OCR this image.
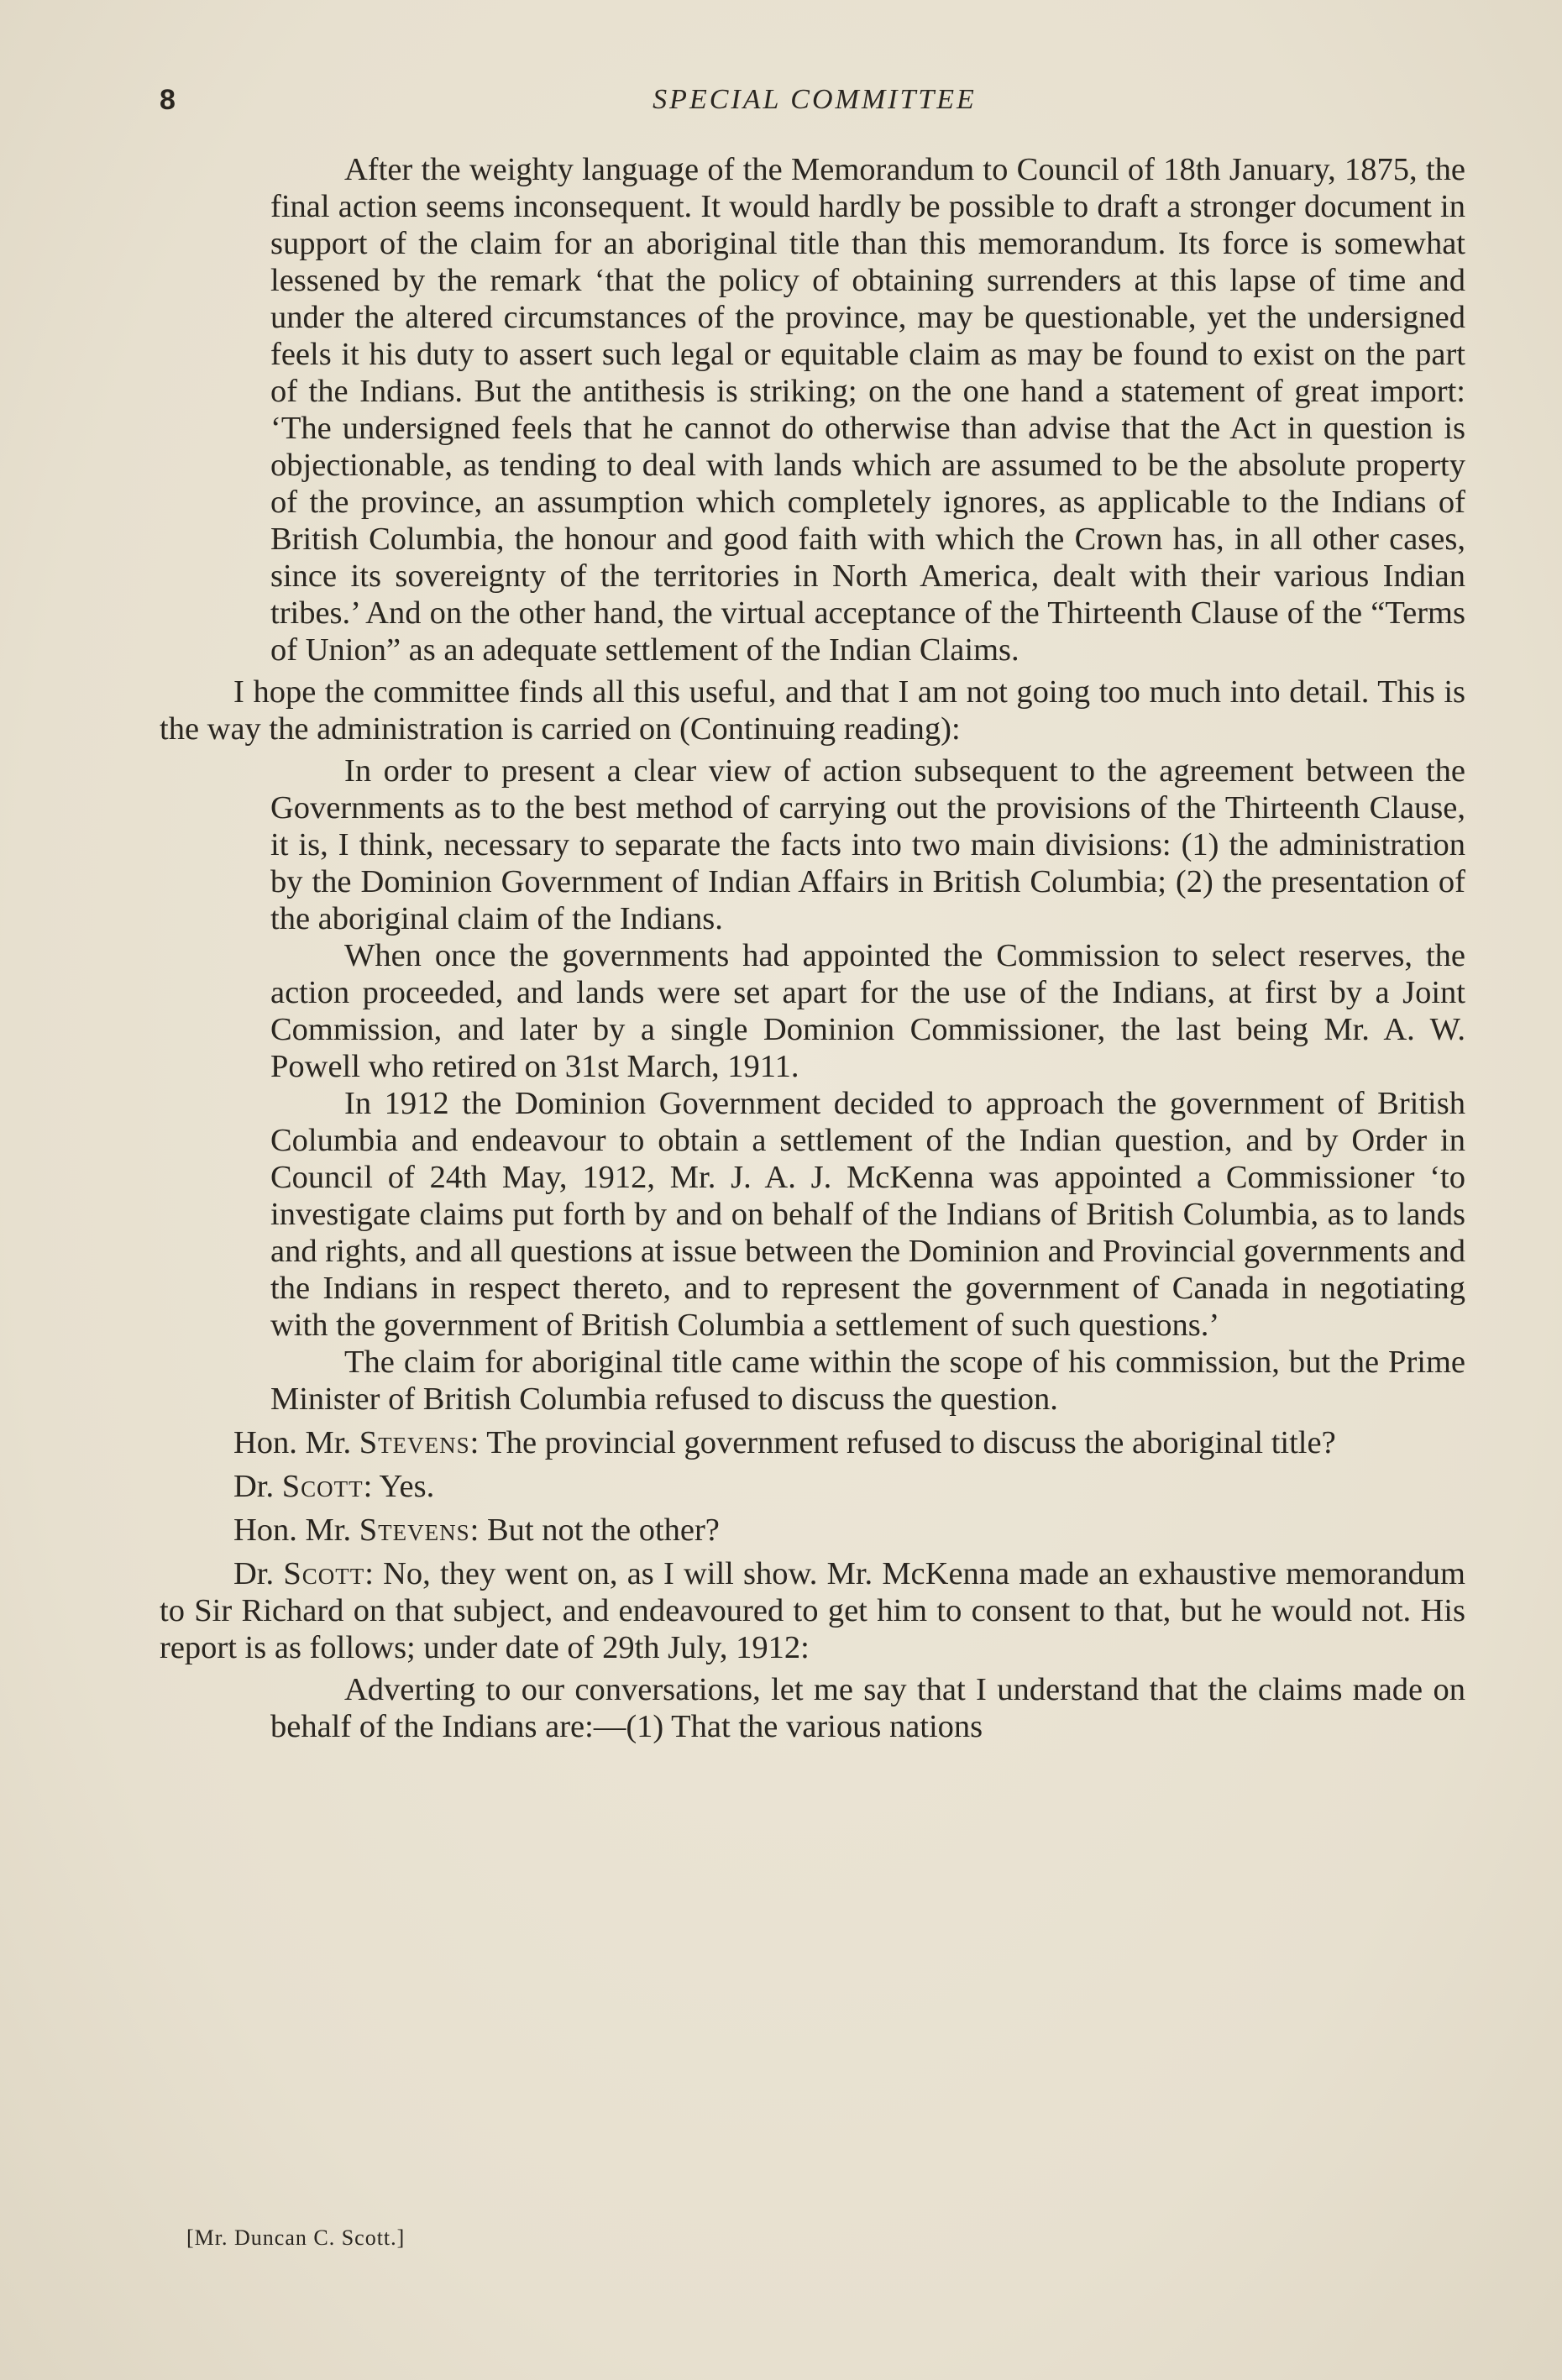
8	SPECIAL COMMITTEE

After the weighty language of the Memorandum to Council of 18th January, 1875, the final action seems inconsequent. It would hardly be possible to draft a stronger document in support of the claim for an aboriginal title than this memorandum. Its force is somewhat lessened by the remark ‘that the policy of obtaining surrenders at this lapse of time and under the altered circumstances of the province, may be questionable, yet the undersigned feels it his duty to assert such legal or equitable claim as may be found to exist on the part of the Indians. But the antithesis is striking; on the one hand a statement of great import: ‘The undersigned feels that he cannot do otherwise than advise that the Act in question is objectionable, as tending to deal with lands which are assumed to be the absolute property of the province, an assumption which completely ignores, as applicable to the Indians of British Columbia, the honour and good faith with which the Crown has, in all other cases, since its sovereignty of the territories in North America, dealt with their various Indian tribes.’ And on the other hand, the virtual acceptance of the Thirteenth Clause of the “Terms of Union” as an adequate settlement of the Indian Claims.

I hope the committee finds all this useful, and that I am not going too much into detail. This is the way the administration is carried on (Continuing reading):

In order to present a clear view of action subsequent to the agreement between the Governments as to the best method of carrying out the provisions of the Thirteenth Clause, it is, I think, necessary to separate the facts into two main divisions: (1) the administration by the Dominion Government of Indian Affairs in British Columbia; (2) the presentation of the aboriginal claim of the Indians.

When once the governments had appointed the Commission to select reserves, the action proceeded, and lands were set apart for the use of the Indians, at first by a Joint Commission, and later by a single Dominion Commissioner, the last being Mr. A. W. Powell who retired on 31st March, 1911.

In 1912 the Dominion Government decided to approach the government of British Columbia and endeavour to obtain a settlement of the Indian question, and by Order in Council of 24th May, 1912, Mr. J. A. J. McKenna was appointed a Commissioner ‘to investigate claims put forth by and on behalf of the Indians of British Columbia, as to lands and rights, and all questions at issue between the Dominion and Provincial governments and the Indians in respect thereto, and to represent the government of Canada in negotiating with the government of British Columbia a settlement of such questions.’

The claim for aboriginal title came within the scope of his commission, but the Prime Minister of British Columbia refused to discuss the question.

Hon. Mr. Stevens: The provincial government refused to discuss the aboriginal title?

Dr. Scott: Yes.

Hon. Mr. Stevens: But not the other?

Dr. Scott: No, they went on, as I will show. Mr. McKenna made an exhaustive memorandum to Sir Richard on that subject, and endeavoured to get him to consent to that, but he would not. His report is as follows; under date of 29th July, 1912:

Adverting to our conversations, let me say that I understand that the claims made on behalf of the Indians are:—(1) That the various nations

[Mr. Duncan C. Scott.]
